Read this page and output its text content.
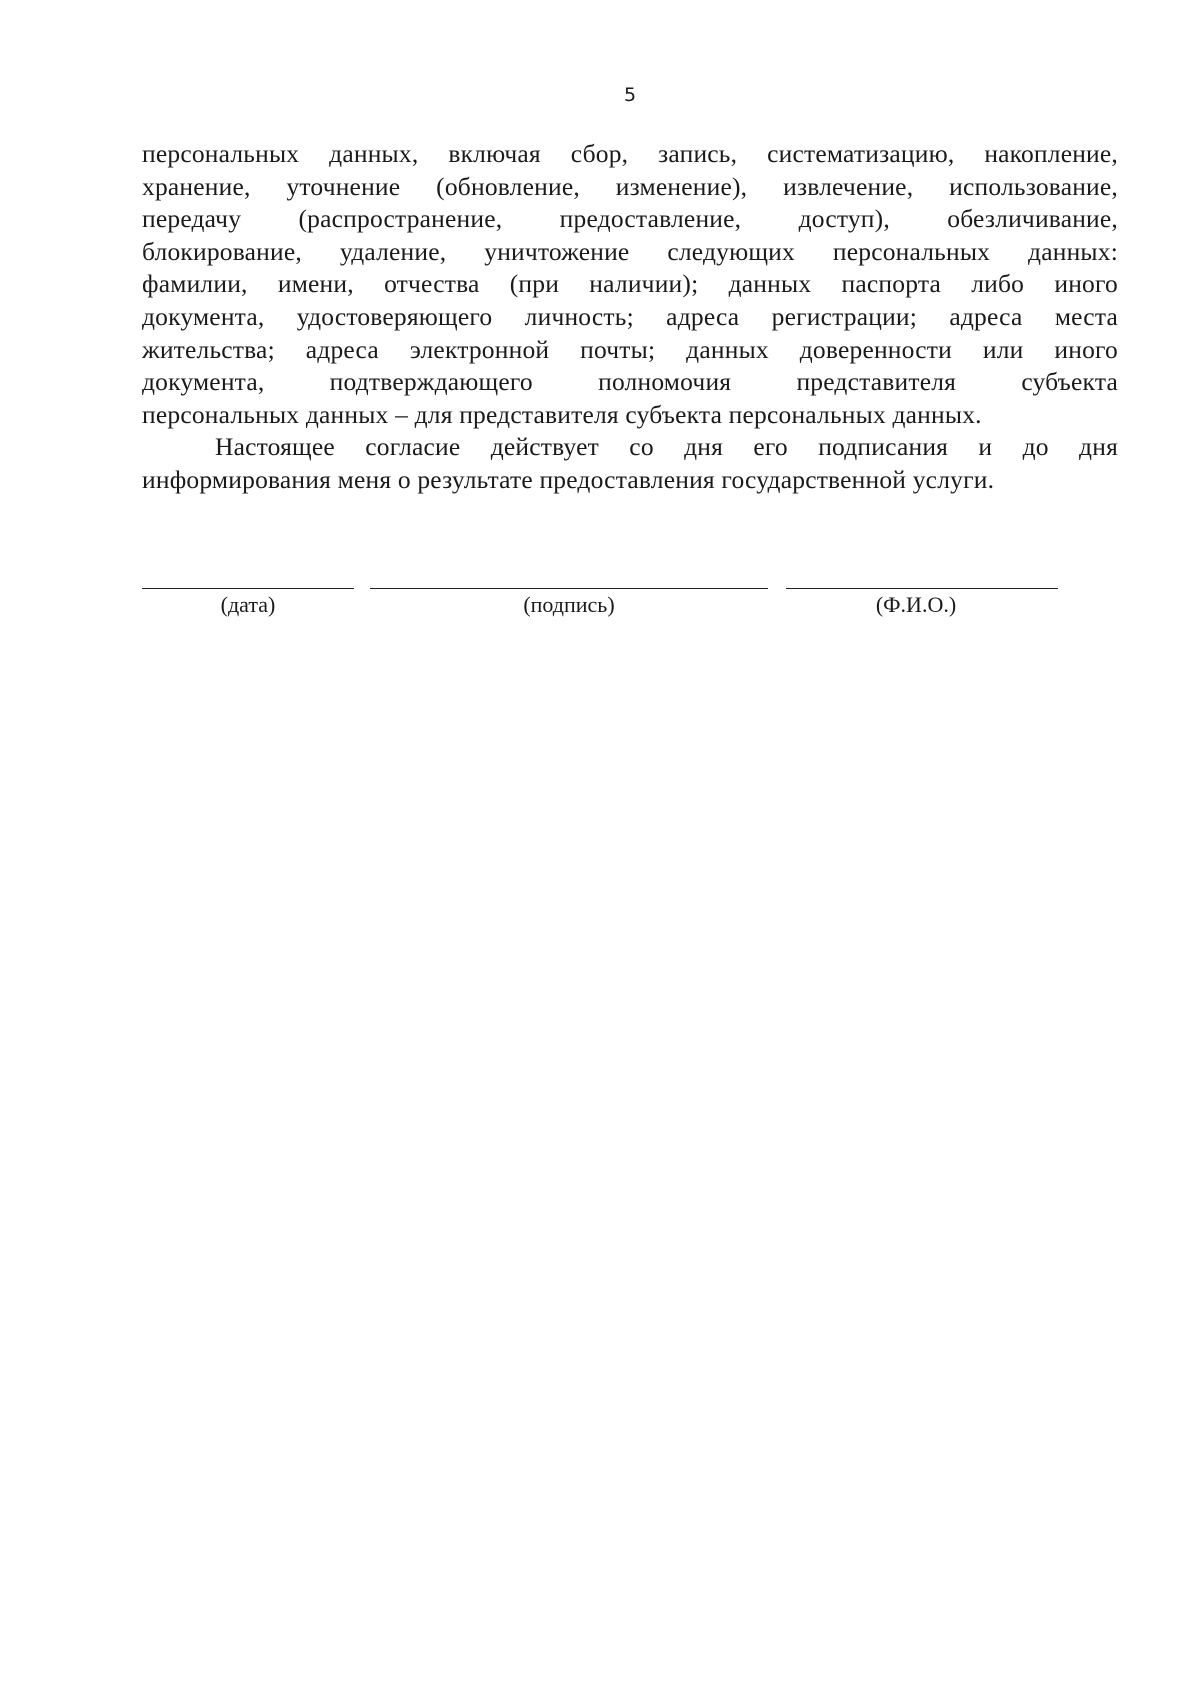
5
персональных данных, включая сбор, запись, систематизацию, накопление,
хранение, уточнение (обновление, изменение), извлечение, использование,
передачу (распространение, предоставление, доступ), обезличивание,
блокирование, удаление, уничтожение следующих персональных данных:
фамилии, имени, отчества (при наличии); данных паспорта либо иного
документа, удостоверяющего личность; адреса регистрации; адреса места
жительства; адреса электронной почты; данных доверенности или иного
документа, подтверждающего полномочия представителя субъекта
персональных данных – для представителя субъекта персональных данных.
Настоящее согласие действует со дня его подписания и до дня
информирования меня о результате предоставления государственной услуги.
(дата)	(подпись)	(Ф.И.О.)
